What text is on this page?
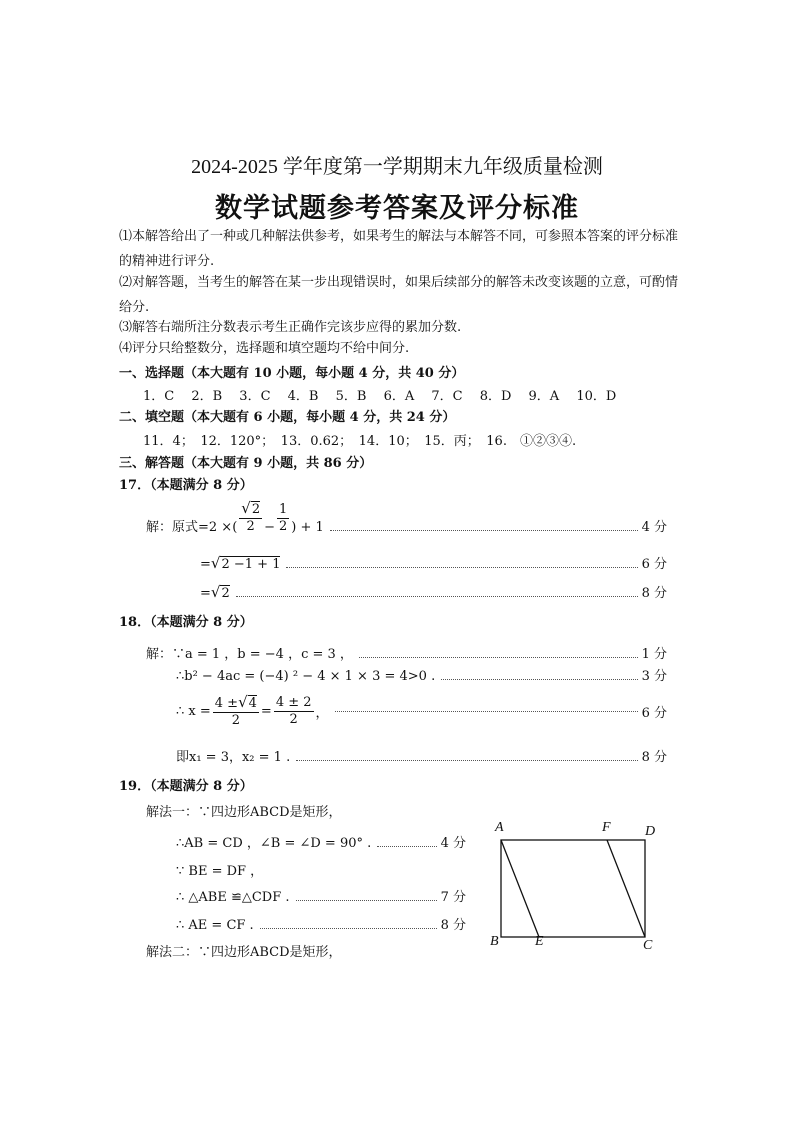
2024-2025 学年度第一学期期末九年级质量检测
数学试题参考答案及评分标准
⑴本解答给出了一种或几种解法供参考，如果考生的解法与本解答不同，可参照本答案的评分标准的精神进行评分.
⑵对解答题，当考生的解答在某一步出现错误时，如果后续部分的解答未改变该题的立意，可酌情给分.
⑶解答右端所注分数表示考生正确作完该步应得的累加分数.
⑷评分只给整数分，选择题和填空题均不给中间分.
一、选择题（本大题有 10 小题，每小题 4 分，共 40 分）
1．C　 2．B　 3．C　 4．B　 5．B　 6．A　 7．C　 8．D　 9．A　 10．D
二、填空题（本大题有 6 小题，每小题 4 分，共 24 分）
11．4；　12．120°；　13．0.62；　14．10；　15．丙；　16.　①②③④.
三、解答题（本大题有 9 小题，共 86 分）
17．（本题满分 8 分）
解：原式=2 ×( $\frac{√2}{2} - \frac{1}{2}$ ) + 1	4 分
= √ 2 −1 + 1	6 分
= √ 2	8 分
18．（本题满分 8 分）
解：∵a = 1 ，b = −4 ，c = 3 ，	1 分
∴b² − 4ac = (−4) ² − 4 × 1 × 3 = 4>0 .	3 分
∴ $x = \frac{4 \pm√4}{2} = \frac{4 \pm 2}{2}$ ，	6 分
即x₁ = 3，x₂ = 1 .	8 分
19．（本题满分 8 分）
解法一：∵四边形ABCD是矩形，
∴AB = CD ，∠B = ∠D = 90° .	4 分
∵ BE = DF ，
∴ △ABE ≌△CDF .	7 分
∴ AE = CF .	8 分
解法二：∵四边形ABCD是矩形，
A	F D
B	E	C
